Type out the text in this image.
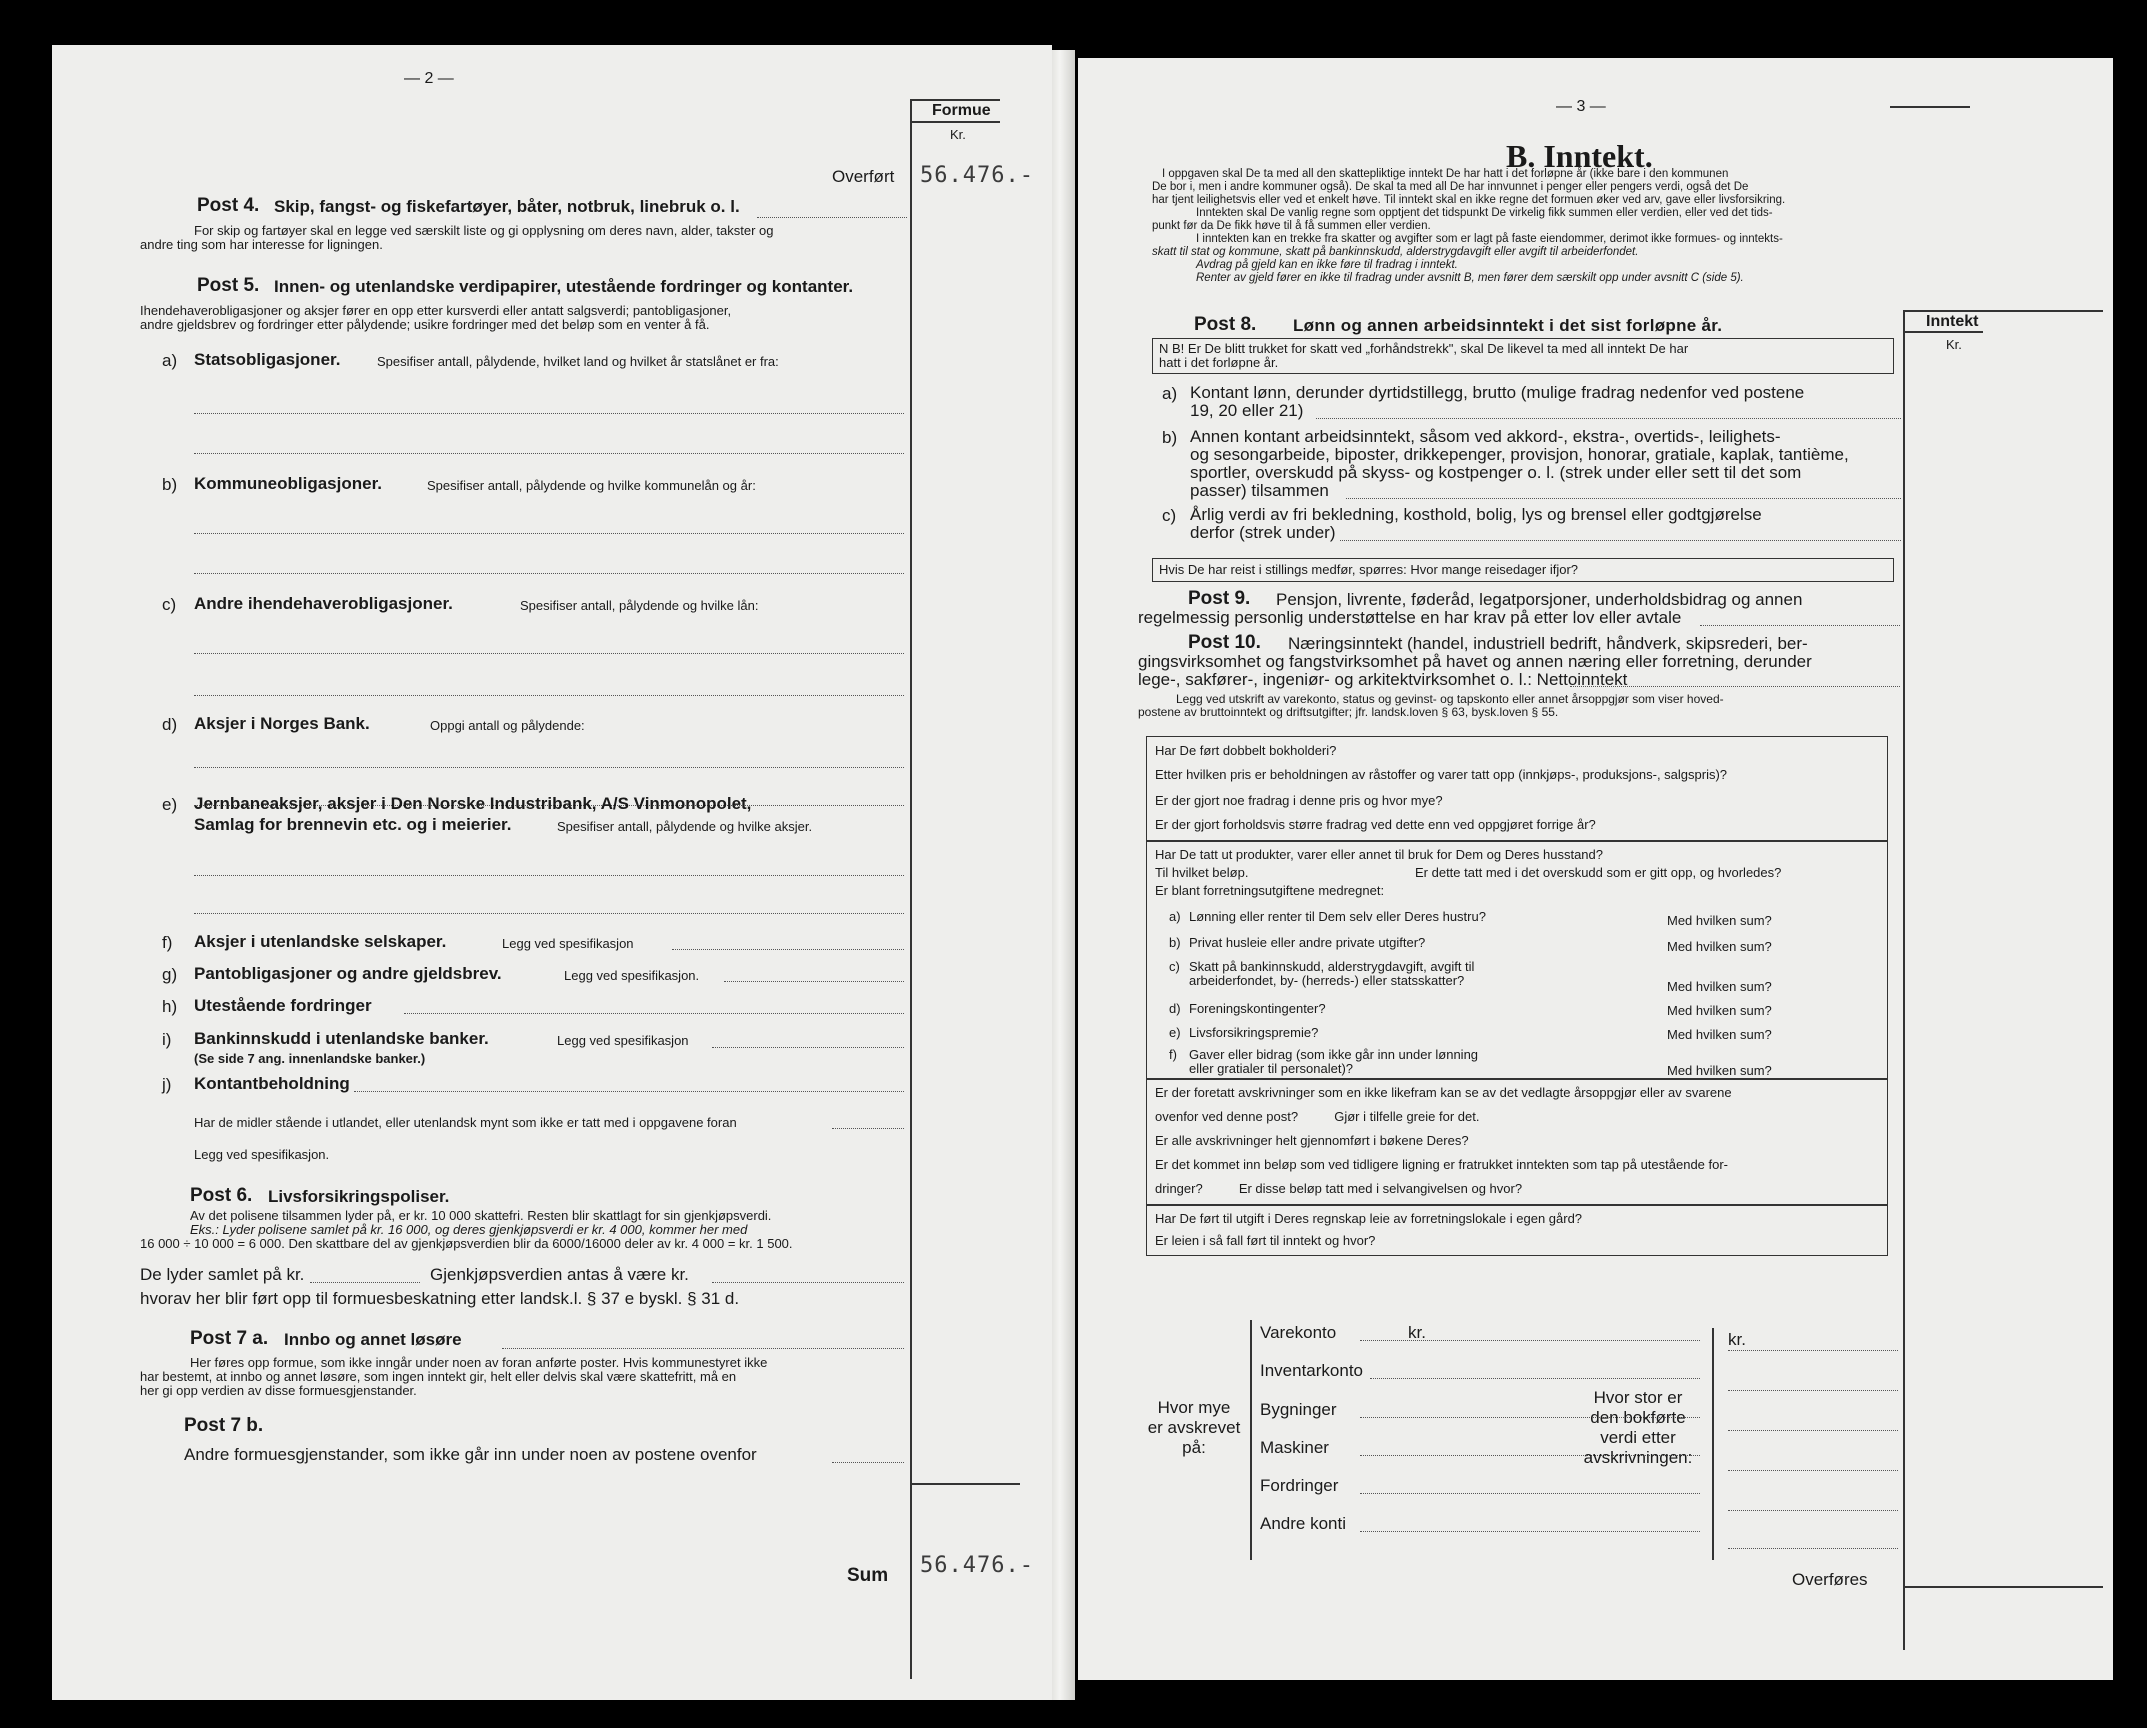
— 2 —
Formue
Kr.
Overført 56.476.-
Post 4. Skip, fangst- og fiskefartøyer, båter, notbruk, linebruk o. l.
For skip og fartøyer skal en legge ved særskilt liste og gi opplysning om deres navn, alder, takster og
andre ting som har interesse for ligningen.
Post 5. Innen- og utenlandske verdipapirer, utestående fordringer og kontanter.
Ihendehaverobligasjoner og aksjer fører en opp etter kursverdi eller antatt salgsverdi; pantobligasjoner,
andre gjeldsbrev og fordringer etter pålydende; usikre fordringer med det beløp som en venter å få.
a) Statsobligasjoner.	Spesifiser antall, pålydende, hvilket land og hvilket år statslånet er fra:
b) Kommuneobligasjoner.	Spesifiser antall, pålydende og hvilke kommunelån og år:
c) Andre ihendehaverobligasjoner.	Spesifiser antall, pålydende og hvilke lån:
d) Aksjer i Norges Bank.	Oppgi antall og pålydende:
e) Jernbaneaksjer, aksjer i Den Norske Industribank, A/S Vinmonopolet,
Samlag for brennevin etc. og i meierier.	Spesifiser antall, pålydende og hvilke aksjer.
f) Aksjer i utenlandske selskaper.	Legg ved spesifikasjon
g) Pantobligasjoner og andre gjeldsbrev.	Legg ved spesifikasjon.
h) Utestående fordringer
i) Bankinnskudd i utenlandske banker.	Legg ved spesifikasjon
(Se side 7 ang. innenlandske banker.)
j) Kontantbeholdning
Har de midler stående i utlandet, eller utenlandsk mynt som ikke er tatt med i oppgavene foran
Legg ved spesifikasjon.
Post 6. Livsforsikringspoliser.
Av det polisene tilsammen lyder på, er kr. 10 000 skattefri. Resten blir skattlagt for sin gjenkjøpsverdi.
Eks.: Lyder polisene samlet på kr. 16 000, og deres gjenkjøpsverdi er kr. 4 000, kommer her med
16 000 ÷ 10 000 = 6 000. Den skattbare del av gjenkjøpsverdien blir da 6000/16000 deler av kr. 4 000 = kr. 1 500.
De lyder samlet på kr.	Gjenkjøpsverdien antas å være kr.
hvorav her blir ført opp til formuesbeskatning etter landsk.l. § 37 e byskl. § 31 d.
Post 7 a. Innbo og annet løsøre
Her føres opp formue, som ikke inngår under noen av foran anførte poster. Hvis kommunestyret ikke
har bestemt, at innbo og annet løsøre, som ingen inntekt gir, helt eller delvis skal være skattefritt, må en
her gi opp verdien av disse formuesgjenstander.
Post 7 b.
Andre formuesgjenstander, som ikke går inn under noen av postene ovenfor
Sum 56.476.-
— 3 —
B. Inntekt.
I oppgaven skal De ta med all den skattepliktige inntekt De har hatt i det forløpne år (ikke bare i den kommunen
De bor i, men i andre kommuner også). De skal ta med all De har innvunnet i penger eller pengers verdi, også det De
har tjent leilighetsvis eller ved et enkelt høve. Til inntekt skal en ikke regne det formuen øker ved arv, gave eller livsforsikring.
Inntekten skal De vanlig regne som opptjent det tidspunkt De virkelig fikk summen eller verdien, eller ved det tids-
punkt før da De fikk høve til å få summen eller verdien.
I inntekten kan en trekke fra skatter og avgifter som er lagt på faste eiendommer, derimot ikke formues- og inntekts-
skatt til stat og kommune, skatt på bankinnskudd, alderstrygdavgift eller avgift til arbeiderfondet.
Avdrag på gjeld kan en ikke føre til fradrag i inntekt.
Renter av gjeld fører en ikke til fradrag under avsnitt B, men fører dem særskilt opp under avsnitt C (side 5).
Inntekt
Kr.
Post 8. Lønn og annen arbeidsinntekt i det sist forløpne år.
N B! Er De blitt trukket for skatt ved „forhåndstrekk", skal De likevel ta med all inntekt De har
hatt i det forløpne år.
a) Kontant lønn, derunder dyrtidstillegg, brutto (mulige fradrag nedenfor ved postene
19, 20 eller 21)
b) Annen kontant arbeidsinntekt, såsom ved akkord-, ekstra-, overtids-, leilighets-
og sesongarbeide, biposter, drikkepenger, provisjon, honorar, gratiale, kaplak, tantième,
sportler, overskudd på skyss- og kostpenger o. l. (strek under eller sett til det som
passer) tilsammen
c) Årlig verdi av fri bekledning, kosthold, bolig, lys og brensel eller godtgjørelse
derfor (strek under)
Hvis De har reist i stillings medfør, spørres: Hvor mange reisedager ifjor?
Post 9. Pensjon, livrente, føderåd, legatporsjoner, underholdsbidrag og annen
regelmessig personlig understøttelse en har krav på etter lov eller avtale
Post 10. Næringsinntekt (handel, industriell bedrift, håndverk, skipsrederi, ber-
gingsvirksomhet og fangstvirksomhet på havet og annen næring eller forretning, derunder
lege-, sakfører-, ingeniør- og arkitektvirksomhet o. l.: Nettoinntekt
Legg ved utskrift av varekonto, status og gevinst- og tapskonto eller annet årsoppgjør som viser hoved-
postene av bruttoinntekt og driftsutgifter; jfr. landsk.loven § 63, bysk.loven § 55.
Har De ført dobbelt bokholderi?
Etter hvilken pris er beholdningen av råstoffer og varer tatt opp (innkjøps-, produksjons-, salgspris)?
Er der gjort noe fradrag i denne pris og hvor mye?
Er der gjort forholdsvis større fradrag ved dette enn ved oppgjøret forrige år?
Har De tatt ut produkter, varer eller annet til bruk for Dem og Deres husstand?
Til hvilket beløp.	Er dette tatt med i det overskudd som er gitt opp, og hvorledes?
Er blant forretningsutgiftene medregnet:
a) Lønning eller renter til Dem selv eller Deres hustru?	Med hvilken sum?
b) Privat husleie eller andre private utgifter?	Med hvilken sum?
c) Skatt på bankinnskudd, alderstrygdavgift, avgift til
arbeiderfondet, by- (herreds-) eller statsskatter?	Med hvilken sum?
d) Foreningskontingenter?	Med hvilken sum?
e) Livsforsikringspremie?	Med hvilken sum?
f) Gaver eller bidrag (som ikke går inn under lønning
eller gratialer til personalet)?	Med hvilken sum?
Er der foretatt avskrivninger som en ikke likefram kan se av det vedlagte årsoppgjør eller av svarene
ovenfor ved denne post?          Gjør i tilfelle greie for det.
Er alle avskrivninger helt gjennomført i bøkene Deres?
Er det kommet inn beløp som ved tidligere ligning er fratrukket inntekten som tap på utestående for-
dringer?          Er disse beløp tatt med i selvangivelsen og hvor?
Har De ført til utgift i Deres regnskap leie av forretningslokale i egen gård?
Er leien i så fall ført til inntekt og hvor?
Hvor mye
er avskrevet
på:
Varekonto
Inventarkonto
Bygninger
Maskiner
Fordringer
Andre konti
kr.
Hvor stor er
den bokførte
verdi etter
avskrivningen:
kr.
Overføres
